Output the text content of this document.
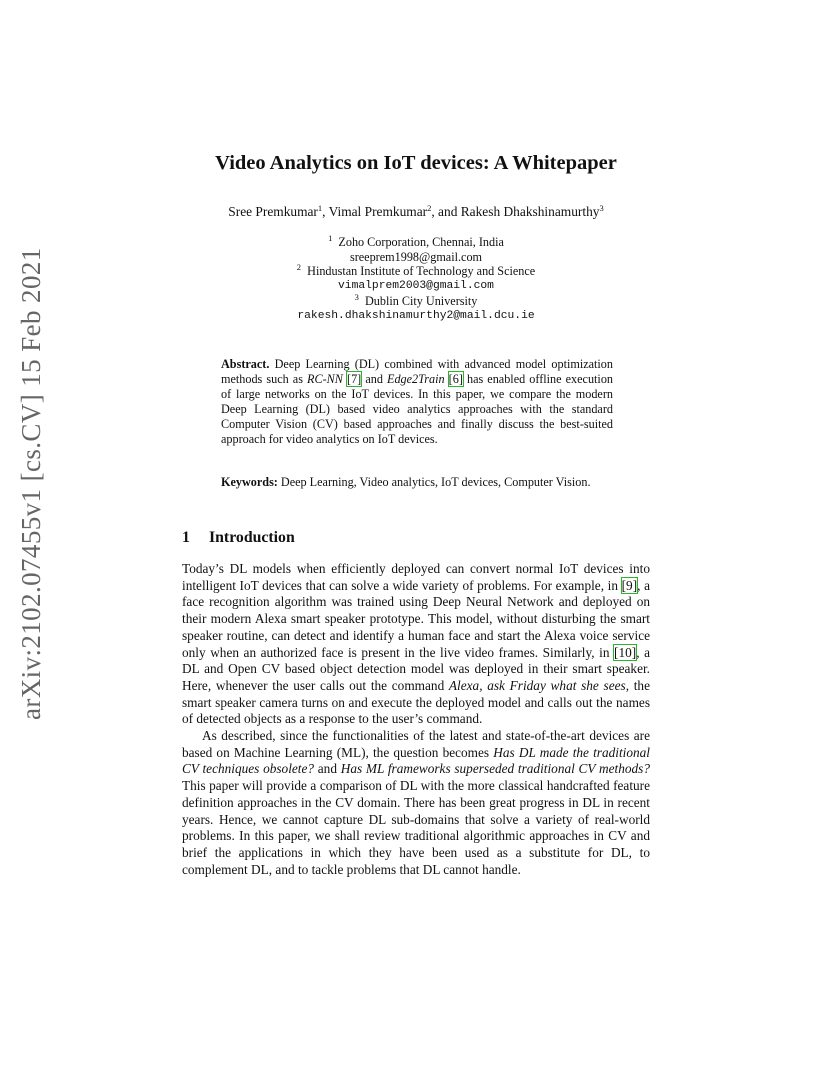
arXiv:2102.07455v1 [cs.CV] 15 Feb 2021
Video Analytics on IoT devices: A Whitepaper
Sree Premkumar$^1$, Vimal Premkumar$^2$, and Rakesh Dhakshinamurthy$^3$
$^1$ Zoho Corporation, Chennai, India
sreeprem1998@gmail.com
$^2$ Hindustan Institute of Technology and Science
vimalprem2003@gmail.com
$^3$ Dublin City University
rakesh.dhakshinamurthy2@mail.dcu.ie
Abstract. Deep Learning (DL) combined with advanced model optimization methods such as RC-NN [7] and Edge2Train [6] has enabled offline execution of large networks on the IoT devices. In this paper, we compare the modern Deep Learning (DL) based video analytics approaches with the standard Computer Vision (CV) based approaches and finally discuss the best-suited approach for video analytics on IoT devices.
Keywords: Deep Learning, Video analytics, IoT devices, Computer Vision.
1 Introduction

Today’s DL models when efficiently deployed can convert normal IoT devices into intelligent IoT devices that can solve a wide variety of problems. For example, in [9], a face recognition algorithm was trained using Deep Neural Network and deployed on their modern Alexa smart speaker prototype. This model, without disturbing the smart speaker routine, can detect and identify a human face and start the Alexa voice service only when an authorized face is present in the live video frames. Similarly, in [10], a DL and Open CV based object detection model was deployed in their smart speaker. Here, whenever the user calls out the command Alexa, ask Friday what she sees, the smart speaker camera turns on and execute the deployed model and calls out the names of detected objects as a response to the user’s command.

As described, since the functionalities of the latest and state-of-the-art devices are based on Machine Learning (ML), the question becomes Has DL made the traditional CV techniques obsolete? and Has ML frameworks superseded traditional CV methods? This paper will provide a comparison of DL with the more classical handcrafted feature definition approaches in the CV domain. There has been great progress in DL in recent years. Hence, we cannot capture DL sub-domains that solve a variety of real-world problems. In this paper, we shall review traditional algorithmic approaches in CV and brief the applications in which they have been used as a substitute for DL, to complement DL, and to tackle problems that DL cannot handle.
